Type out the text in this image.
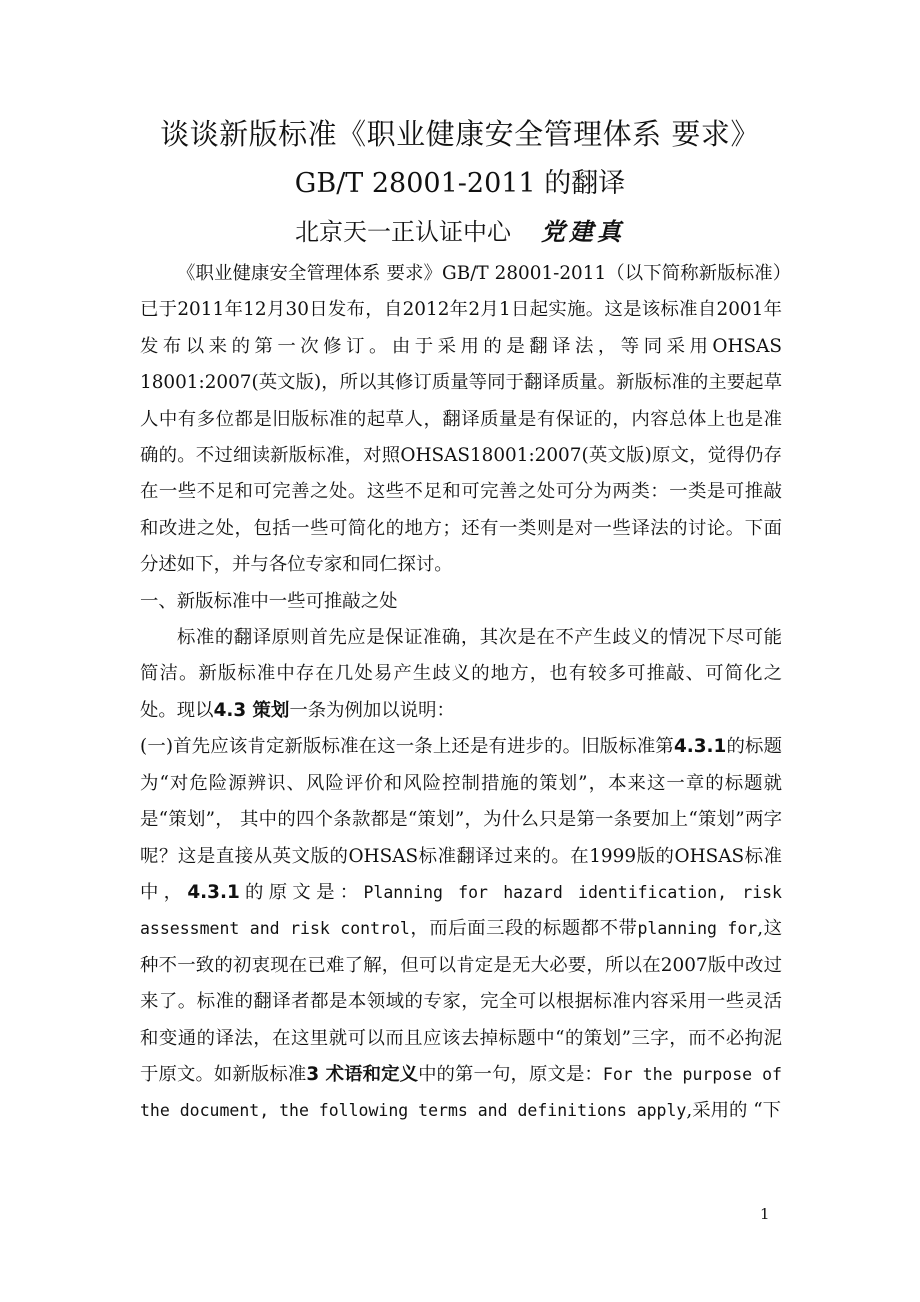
谈谈新版标准《职业健康安全管理体系 要求》
GB/T 28001-2011 的翻译
北京天一正认证中心 党建真

《职业健康安全管理体系 要求》GB/T 28001-2011（以下简称新版标准）已于2011年12月30日发布，自2012年2月1日起实施。这是该标准自2001年发布以来的第一次修订。由于采用的是翻译法，等同采用OHSAS 18001:2007(英文版)，所以其修订质量等同于翻译质量。新版标准的主要起草人中有多位都是旧版标准的起草人，翻译质量是有保证的，内容总体上也是准确的。不过细读新版标准，对照OHSAS18001:2007(英文版)原文，觉得仍存在一些不足和可完善之处。这些不足和可完善之处可分为两类：一类是可推敲和改进之处，包括一些可简化的地方；还有一类则是对一些译法的讨论。下面分述如下，并与各位专家和同仁探讨。

一、新版标准中一些可推敲之处

标准的翻译原则首先应是保证准确，其次是在不产生歧义的情况下尽可能简洁。新版标准中存在几处易产生歧义的地方，也有较多可推敲、可简化之处。现以4.3 策划一条为例加以说明：

(一)首先应该肯定新版标准在这一条上还是有进步的。旧版标准第4.3.1的标题为“对危险源辨识、风险评价和风险控制措施的策划”，本来这一章的标题就是“策划”， 其中的四个条款都是“策划”，为什么只是第一条要加上“策划”两字呢？这是直接从英文版的OHSAS标准翻译过来的。在1999版的OHSAS标准中，4.3.1的原文是：Planning for hazard identification, risk assessment and risk control，而后面三段的标题都不带planning for,这种不一致的初衷现在已难了解，但可以肯定是无大必要，所以在2007版中改过来了。标准的翻译者都是本领域的专家，完全可以根据标准内容采用一些灵活和变通的译法，在这里就可以而且应该去掉标题中“的策划”三字，而不必拘泥于原文。如新版标准3 术语和定义中的第一句，原文是：For the purpose of the document, the following terms and definitions apply,采用的 “下

1
